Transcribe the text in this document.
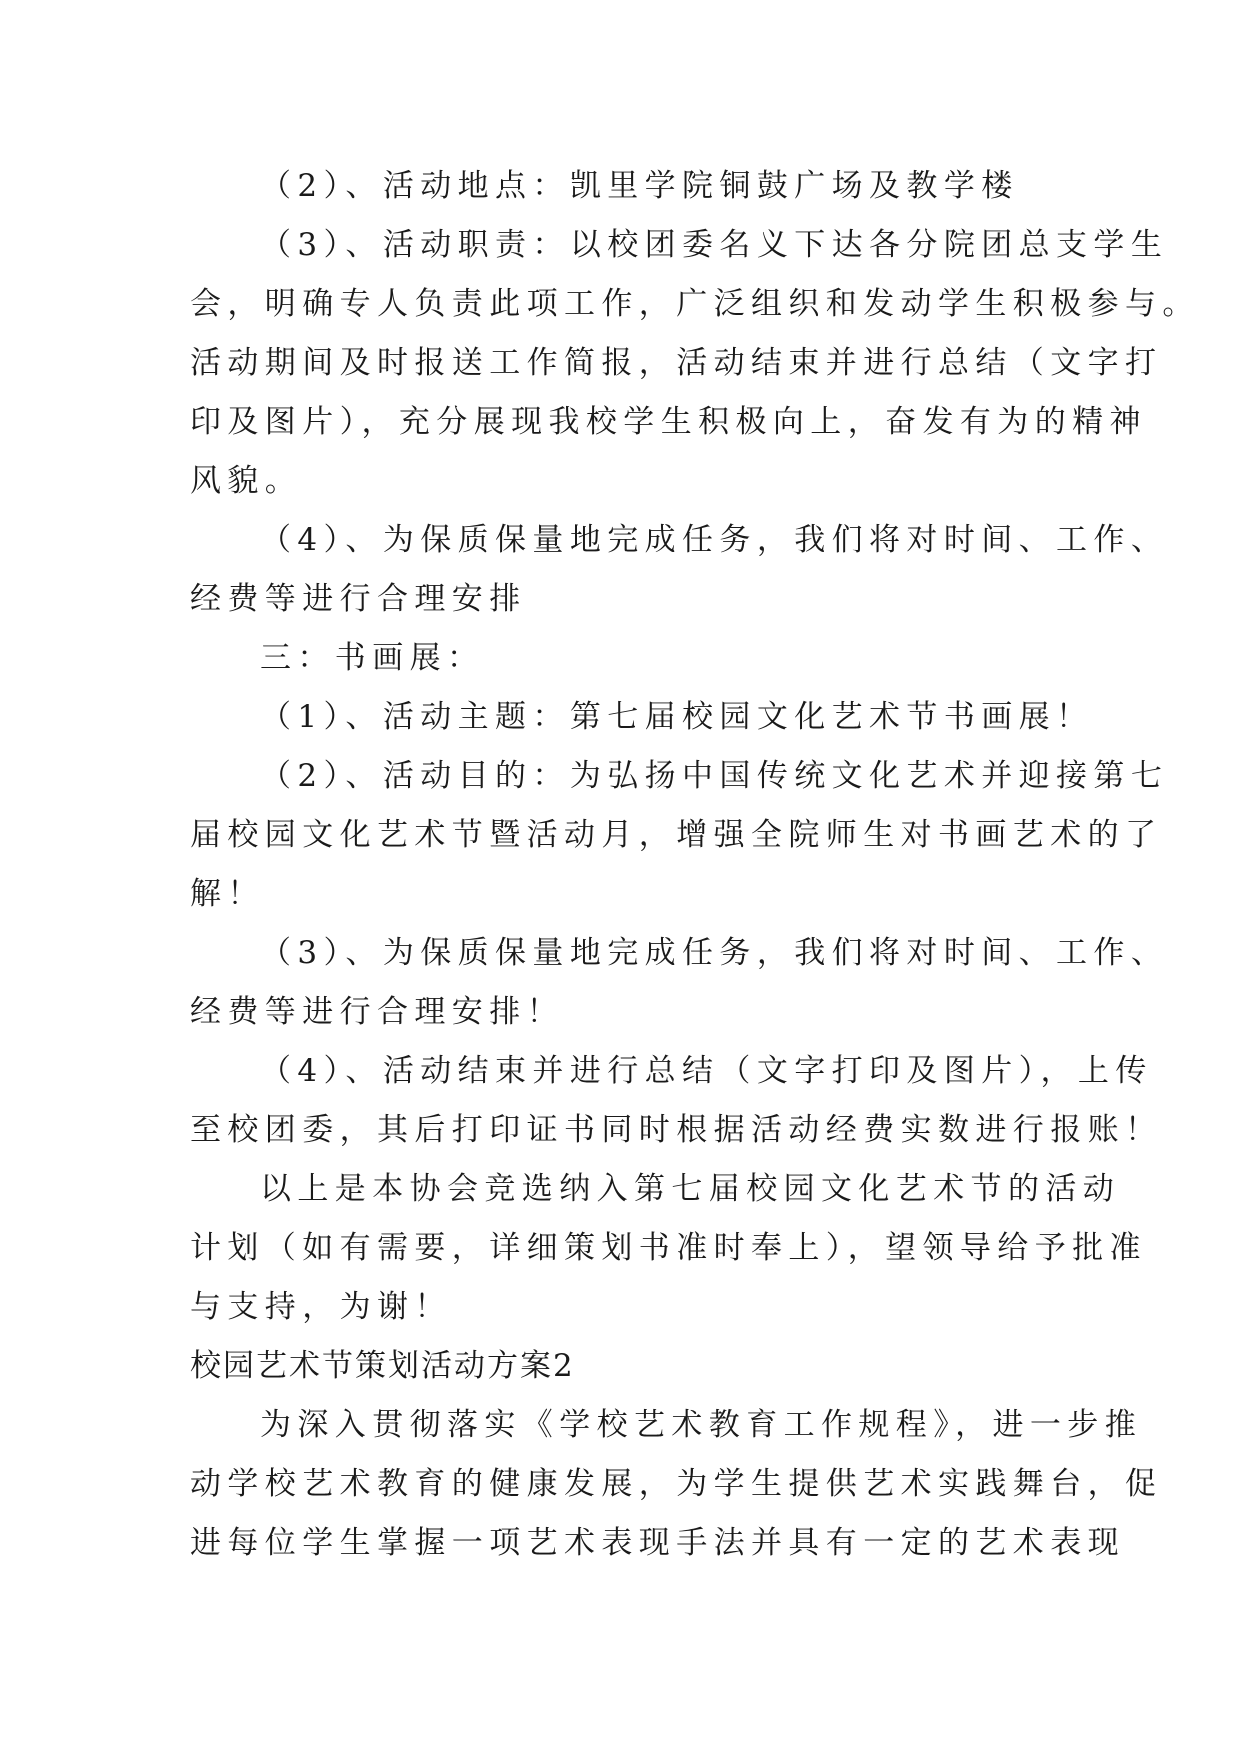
（2）、活动地点：凯里学院铜鼓广场及教学楼
（3）、活动职责：以校团委名义下达各分院团总支学生
会，明确专人负责此项工作，广泛组织和发动学生积极参与。
活动期间及时报送工作简报，活动结束并进行总结（文字打
印及图片），充分展现我校学生积极向上，奋发有为的精神
风貌。
（4）、为保质保量地完成任务，我们将对时间、工作、
经费等进行合理安排
三：书画展：
（1）、活动主题：第七届校园文化艺术节书画展！
（2）、活动目的：为弘扬中国传统文化艺术并迎接第七
届校园文化艺术节暨活动月，增强全院师生对书画艺术的了
解！
（3）、为保质保量地完成任务，我们将对时间、工作、
经费等进行合理安排！
（4）、活动结束并进行总结（文字打印及图片），上传
至校团委，其后打印证书同时根据活动经费实数进行报账！
以上是本协会竞选纳入第七届校园文化艺术节的活动
计划（如有需要，详细策划书准时奉上），望领导给予批准
与支持，为谢！
校园艺术节策划活动方案2
为深入贯彻落实《学校艺术教育工作规程》，进一步推
动学校艺术教育的健康发展，为学生提供艺术实践舞台，促
进每位学生掌握一项艺术表现手法并具有一定的艺术表现
